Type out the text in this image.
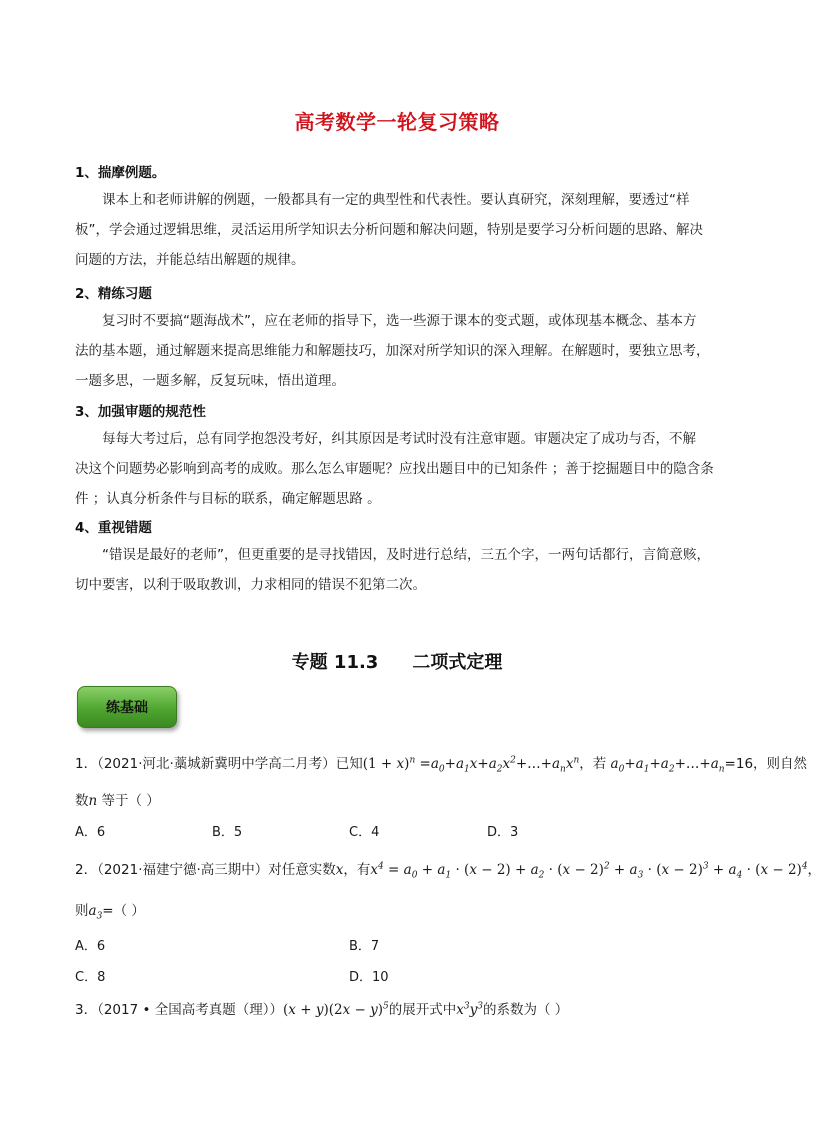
高考数学一轮复习策略
1、揣摩例题。
课本上和老师讲解的例题，一般都具有一定的典型性和代表性。要认真研究，深刻理解，要透过“样
板”，学会通过逻辑思维，灵活运用所学知识去分析问题和解决问题，特别是要学习分析问题的思路、解决
问题的方法，并能总结出解题的规律。
2、精练习题
复习时不要搞“题海战术”，应在老师的指导下，选一些源于课本的变式题，或体现基本概念、基本方
法的基本题，通过解题来提高思维能力和解题技巧，加深对所学知识的深入理解。在解题时，要独立思考，
一题多思，一题多解，反复玩味，悟出道理。
3、加强审题的规范性
每每大考过后，总有同学抱怨没考好，纠其原因是考试时没有注意审题。审题决定了成功与否，不解
决这个问题势必影响到高考的成败。那么怎么审题呢？应找出题目中的已知条件 ；善于挖掘题目中的隐含条
件 ；认真分析条件与目标的联系，确定解题思路 。
4、重视错题
“错误是最好的老师”，但更重要的是寻找错因，及时进行总结，三五个字，一两句话都行，言简意赅，
切中要害，以利于吸取教训，力求相同的错误不犯第二次。
专题 11.3 二项式定理
练基础
1．（2021·河北·藁城新冀明中学高二月考）已知$(1 + x)^n$ $=a_0+a_1x+a_2x^2+\dots+a_nx^n$，若 $a_0+a_1+a_2+\dots+a_n=16$，则自然
数n 等于（ ）
A．6	B．5	C．4	D．3
2．（2021·福建宁德·高三期中）对任意实数x，有$x^4 = a_0 + a_1 \cdot (x - 2) + a_2 \cdot (x - 2)^2 + a_3 \cdot (x - 2)^3 + a_4 \cdot (x - 2)^4$，
则$a_3=$（ ）
A．6	B．7
C．8	D．10
3．（2017 • 全国高考真题（理））$(x + y)(2x - y)^5$的展开式中$x^3y^3$的系数为（ ）
